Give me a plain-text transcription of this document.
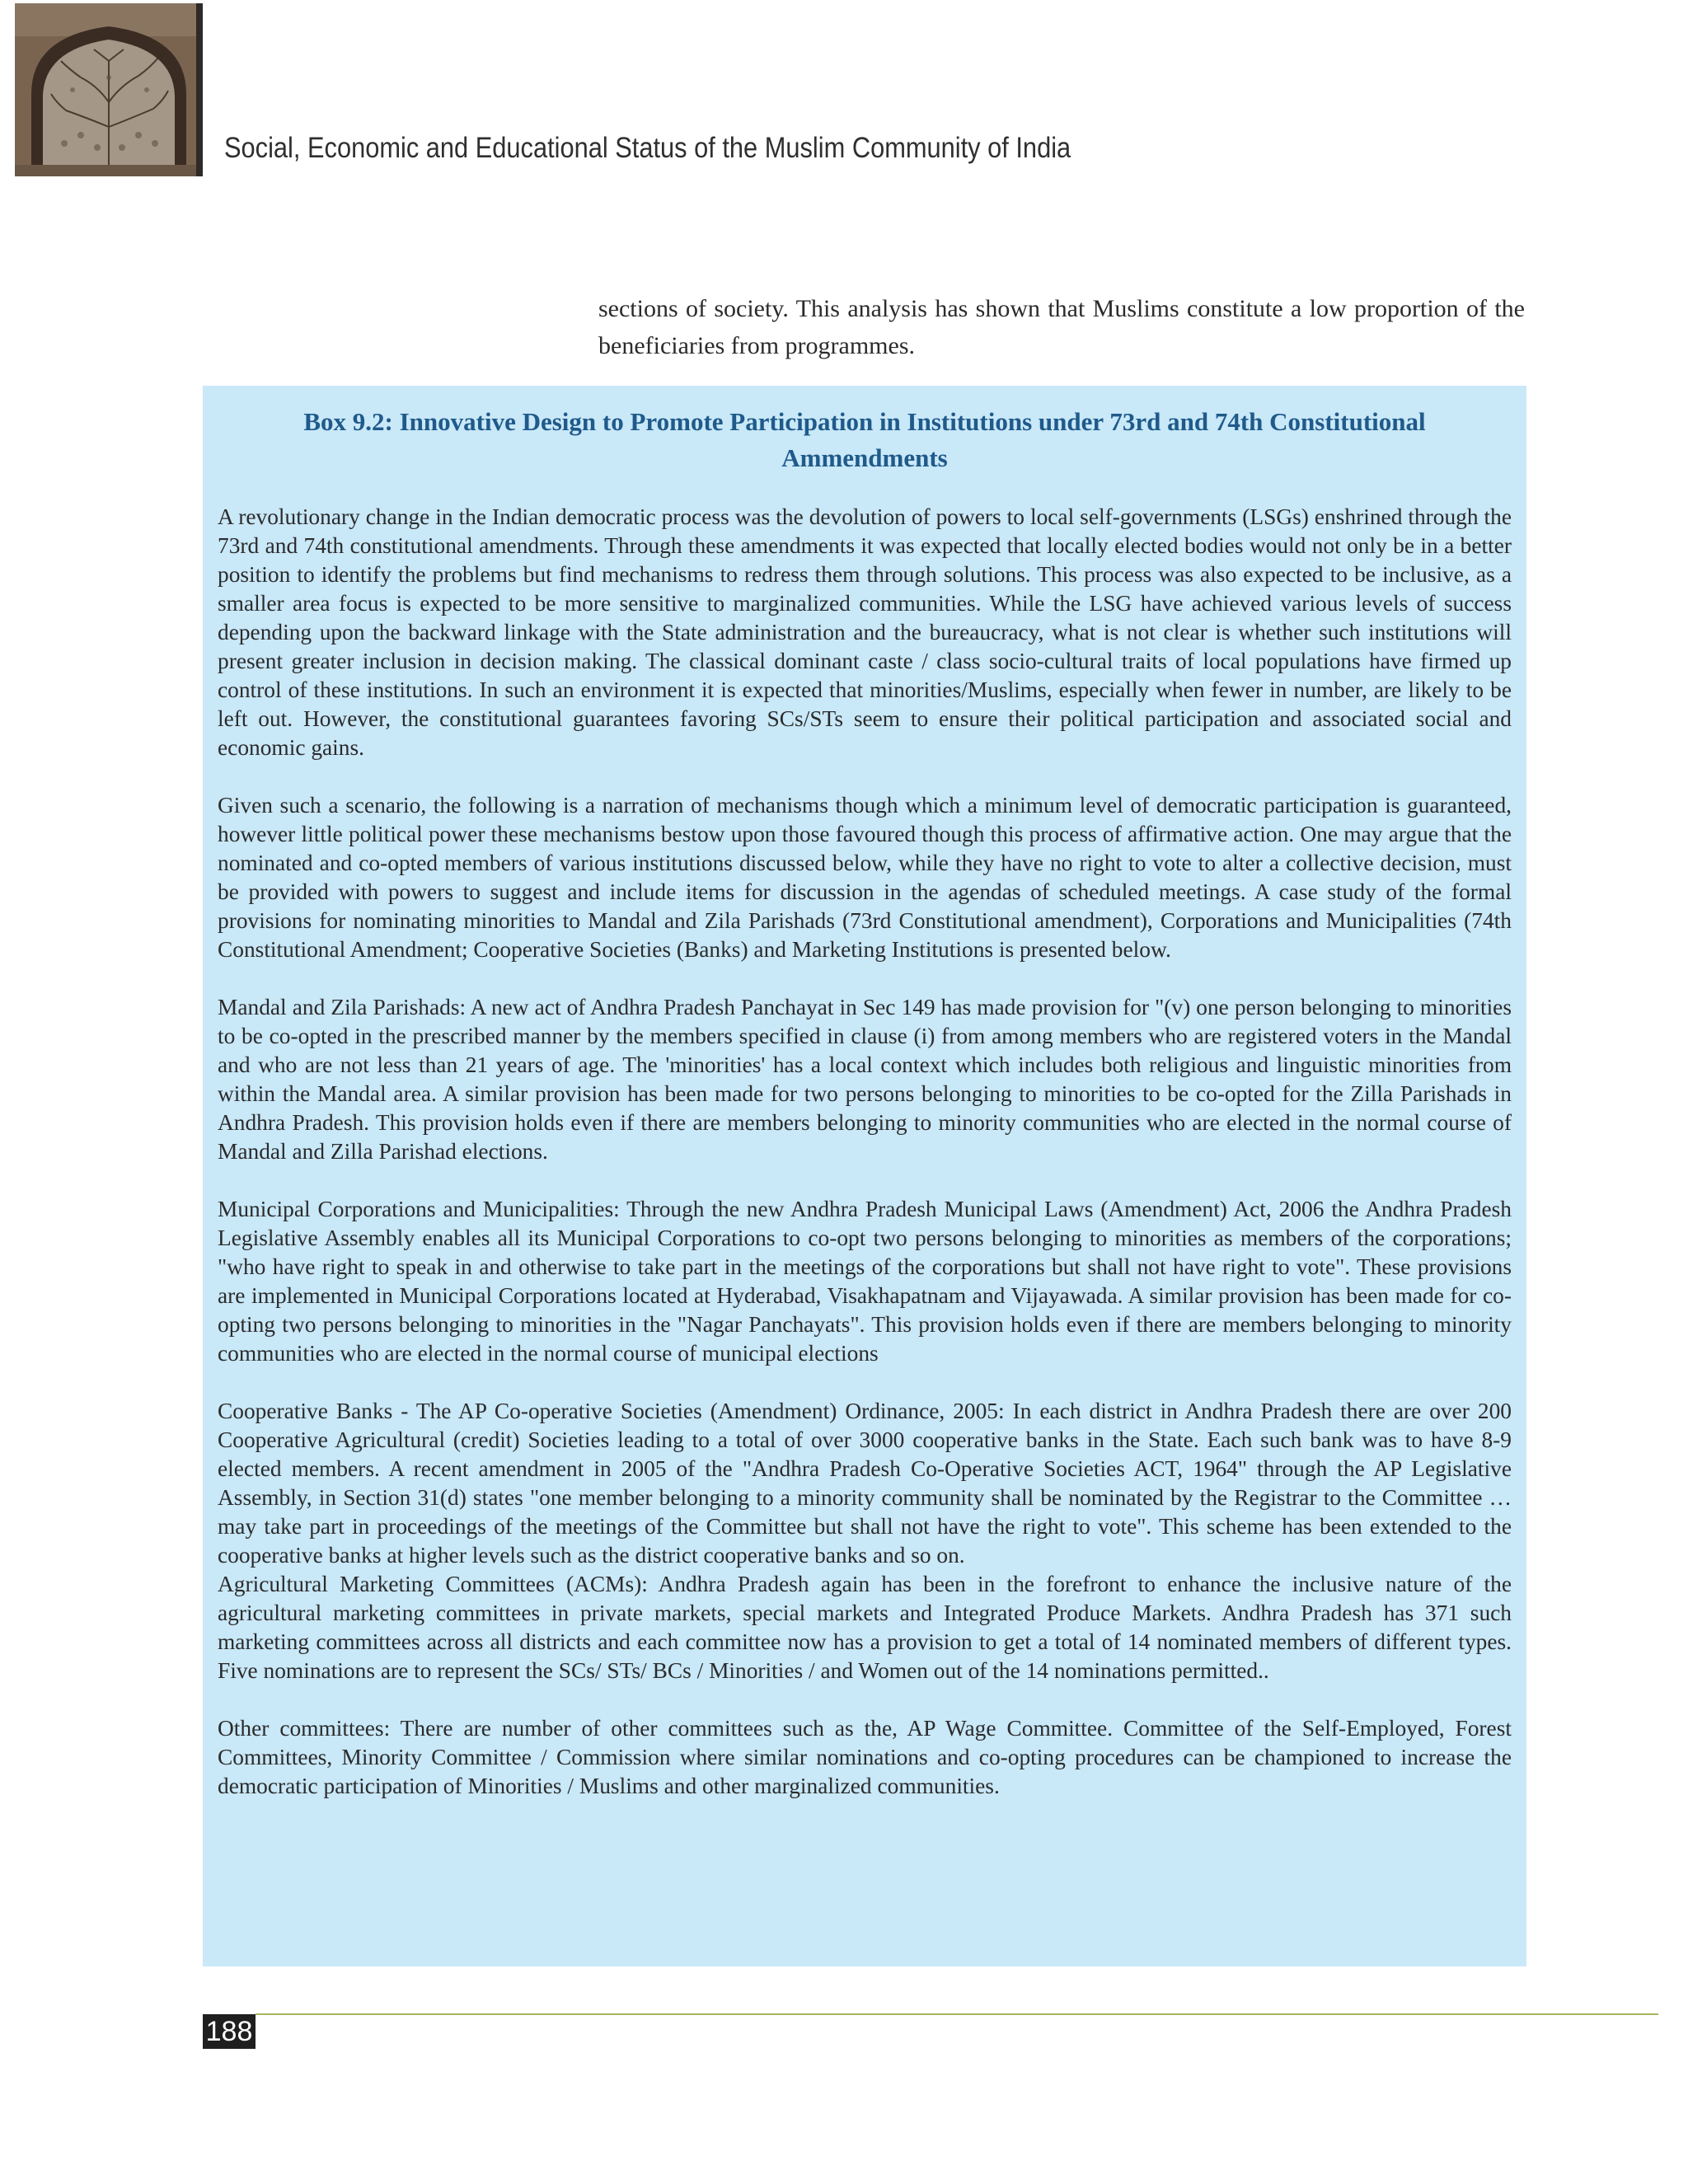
Social, Economic and Educational Status of the Muslim Community of India
sections of society. This analysis has shown that Muslims constitute a low proportion of the beneficiaries from programmes.
Box 9.2: Innovative Design to Promote Participation in Institutions under 73rd and 74th Constitutional Ammendments

A revolutionary change in the Indian democratic process was the devolution of powers to local self-governments (LSGs) enshrined through the 73rd and 74th constitutional amendments. Through these amendments it was expected that locally elected bodies would not only be in a better position to identify the problems but find mechanisms to redress them through solutions. This process was also expected to be inclusive, as a smaller area focus is expected to be more sensitive to marginalized communities. While the LSG have achieved various levels of success depending upon the backward linkage with the State administration and the bureaucracy, what is not clear is whether such institutions will present greater inclusion in decision making. The classical dominant caste / class socio-cultural traits of local populations have firmed up control of these institutions. In such an environment it is expected that minorities/Muslims, especially when fewer in number, are likely to be left out. However, the constitutional guarantees favoring SCs/STs seem to ensure their political participation and associated social and economic gains.

Given such a scenario, the following is a narration of mechanisms though which a minimum level of democratic participation is guaranteed, however little political power these mechanisms bestow upon those favoured though this process of affirmative action. One may argue that the nominated and co-opted members of various institutions discussed below, while they have no right to vote to alter a collective decision, must be provided with powers to suggest and include items for discussion in the agendas of scheduled meetings. A case study of the formal provisions for nominating minorities to Mandal and Zila Parishads (73rd Constitutional amendment), Corporations and Municipalities (74th Constitutional Amendment; Cooperative Societies (Banks) and Marketing Institutions is presented below.

Mandal and Zila Parishads: A new act of Andhra Pradesh Panchayat in Sec 149 has made provision for "(v) one person belonging to minorities to be co-opted in the prescribed manner by the members specified in clause (i) from among members who are registered voters in the Mandal and who are not less than 21 years of age. The 'minorities' has a local context which includes both religious and linguistic minorities from within the Mandal area. A similar provision has been made for two persons belonging to minorities to be co-opted for the Zilla Parishads in Andhra Pradesh. This provision holds even if there are members belonging to minority communities who are elected in the normal course of Mandal and Zilla Parishad elections.

Municipal Corporations and Municipalities: Through the new Andhra Pradesh Municipal Laws (Amendment) Act, 2006 the Andhra Pradesh Legislative Assembly enables all its Municipal Corporations to co-opt two persons belonging to minorities as members of the corporations; "who have right to speak in and otherwise to take part in the meetings of the corporations but shall not have right to vote". These provisions are implemented in Municipal Corporations located at Hyderabad, Visakhapatnam and Vijayawada. A similar provision has been made for co-opting two persons belonging to minorities in the "Nagar Panchayats". This provision holds even if there are members belonging to minority communities who are elected in the normal course of municipal elections

Cooperative Banks - The AP Co-operative Societies (Amendment) Ordinance, 2005: In each district in Andhra Pradesh there are over 200 Cooperative Agricultural (credit) Societies leading to a total of over 3000 cooperative banks in the State. Each such bank was to have 8-9 elected members. A recent amendment in 2005 of the "Andhra Pradesh Co-Operative Societies ACT, 1964" through the AP Legislative Assembly, in Section 31(d) states "one member belonging to a minority community shall be nominated by the Registrar to the Committee … may take part in proceedings of the meetings of the Committee but shall not have the right to vote". This scheme has been extended to the cooperative banks at higher levels such as the district cooperative banks and so on.

Agricultural Marketing Committees (ACMs): Andhra Pradesh again has been in the forefront to enhance the inclusive nature of the agricultural marketing committees in private markets, special markets and Integrated Produce Markets. Andhra Pradesh has 371 such marketing committees across all districts and each committee now has a provision to get a total of 14 nominated members of different types. Five nominations are to represent the SCs/ STs/ BCs / Minorities / and Women out of the 14 nominations permitted..

Other committees: There are number of other committees such as the, AP Wage Committee. Committee of the Self-Employed, Forest Committees, Minority Committee / Commission where similar nominations and co-opting procedures can be championed to increase the democratic participation of Minorities / Muslims and other marginalized communities.

188
